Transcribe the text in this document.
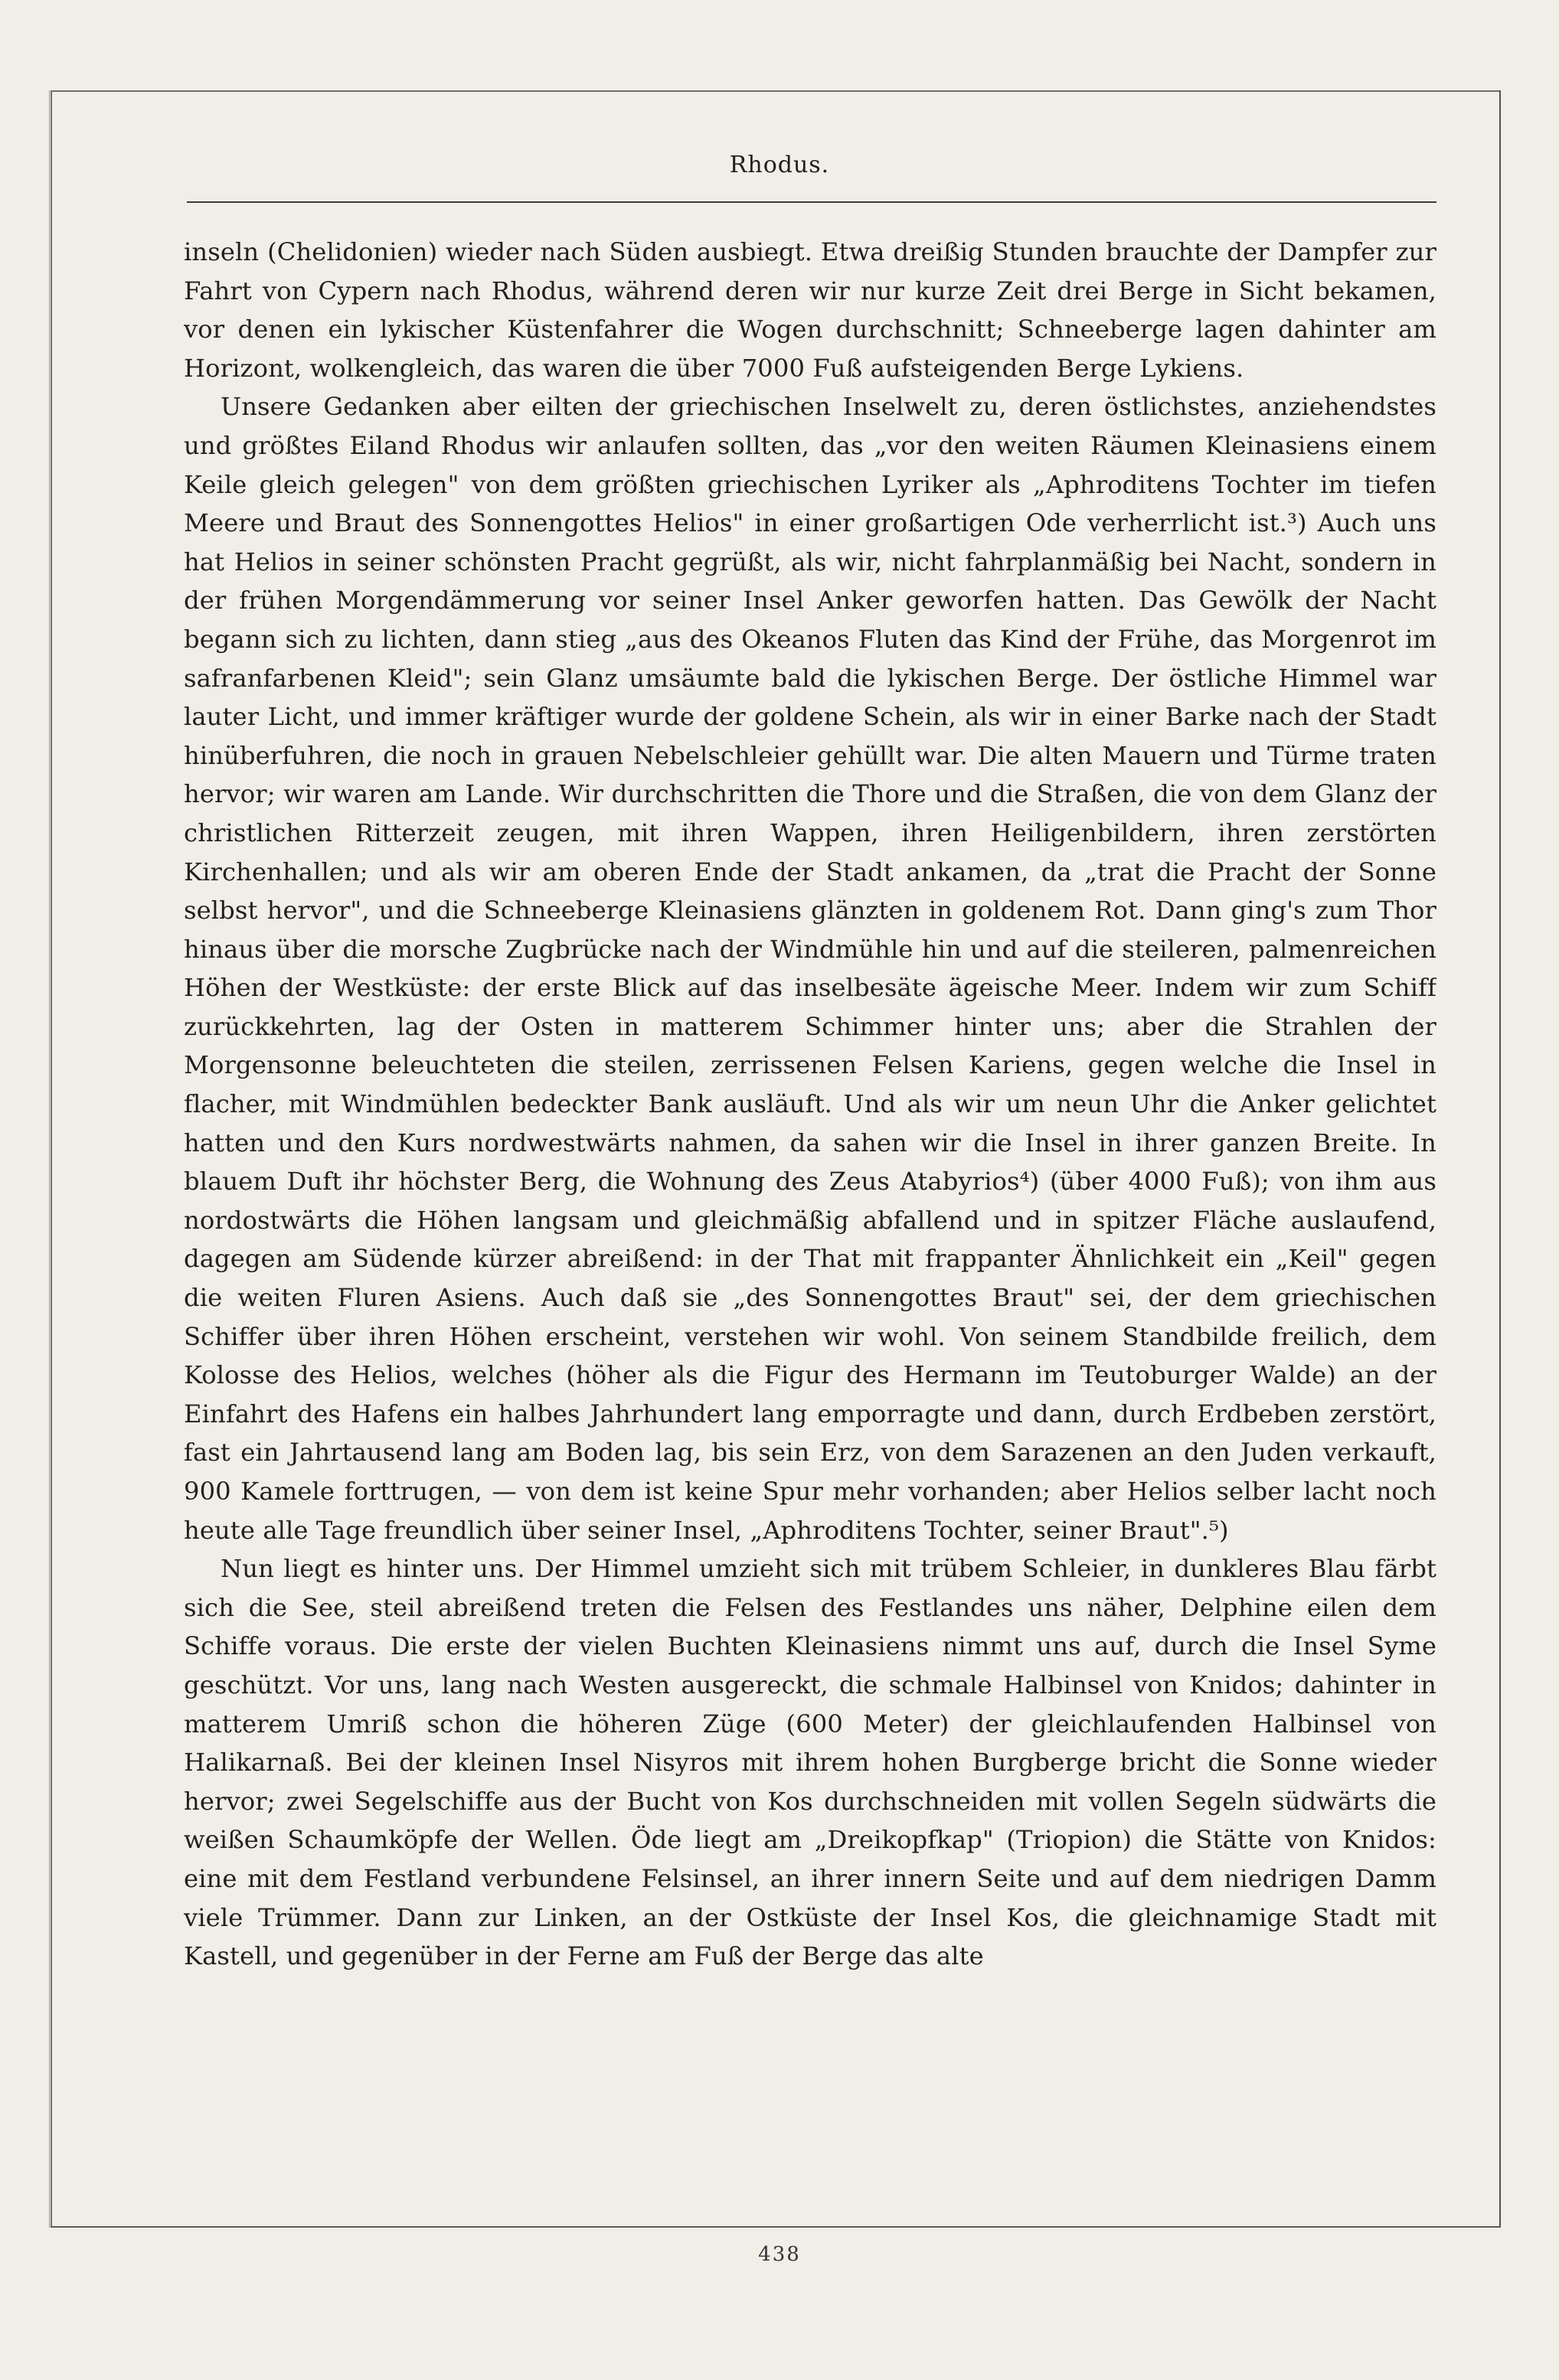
Rhodus.

inseln (Chelidonien) wieder nach Süden ausbiegt. Etwa dreißig Stunden brauchte der Dampfer zur Fahrt von Cypern nach Rhodus, während deren wir nur kurze Zeit drei Berge in Sicht bekamen, vor denen ein lykischer Küstenfahrer die Wogen durchschnitt; Schneeberge lagen dahinter am Horizont, wolkengleich, das waren die über 7000 Fuß aufsteigenden Berge Lykiens.

Unsere Gedanken aber eilten der griechischen Inselwelt zu, deren östlichstes, anziehendstes und größtes Eiland Rhodus wir anlaufen sollten, das „vor den weiten Räumen Kleinasiens einem Keile gleich gelegen" von dem größten griechischen Lyriker als „Aphroditens Tochter im tiefen Meere und Braut des Sonnengottes Helios" in einer großartigen Ode verherrlicht ist.³) Auch uns hat Helios in seiner schönsten Pracht gegrüßt, als wir, nicht fahrplanmäßig bei Nacht, sondern in der frühen Morgendämmerung vor seiner Insel Anker geworfen hatten. Das Gewölk der Nacht begann sich zu lichten, dann stieg „aus des Okeanos Fluten das Kind der Frühe, das Morgenrot im safranfarbenen Kleid"; sein Glanz umsäumte bald die lykischen Berge. Der östliche Himmel war lauter Licht, und immer kräftiger wurde der goldene Schein, als wir in einer Barke nach der Stadt hinüberfuhren, die noch in grauen Nebelschleier gehüllt war. Die alten Mauern und Türme traten hervor; wir waren am Lande. Wir durchschritten die Thore und die Straßen, die von dem Glanz der christlichen Ritterzeit zeugen, mit ihren Wappen, ihren Heiligenbildern, ihren zerstörten Kirchenhallen; und als wir am oberen Ende der Stadt ankamen, da „trat die Pracht der Sonne selbst hervor", und die Schneeberge Kleinasiens glänzten in goldenem Rot. Dann ging's zum Thor hinaus über die morsche Zugbrücke nach der Windmühle hin und auf die steileren, palmenreichen Höhen der Westküste: der erste Blick auf das inselbesäte ägeische Meer. Indem wir zum Schiff zurückkehrten, lag der Osten in matterem Schimmer hinter uns; aber die Strahlen der Morgensonne beleuchteten die steilen, zerrissenen Felsen Kariens, gegen welche die Insel in flacher, mit Windmühlen bedeckter Bank ausläuft. Und als wir um neun Uhr die Anker gelichtet hatten und den Kurs nordwestwärts nahmen, da sahen wir die Insel in ihrer ganzen Breite. In blauem Duft ihr höchster Berg, die Wohnung des Zeus Atabyrios⁴) (über 4000 Fuß); von ihm aus nordostwärts die Höhen langsam und gleichmäßig abfallend und in spitzer Fläche auslaufend, dagegen am Südende kürzer abreißend: in der That mit frappanter Ähnlichkeit ein „Keil" gegen die weiten Fluren Asiens. Auch daß sie „des Sonnengottes Braut" sei, der dem griechischen Schiffer über ihren Höhen erscheint, verstehen wir wohl. Von seinem Standbilde freilich, dem Kolosse des Helios, welches (höher als die Figur des Hermann im Teutoburger Walde) an der Einfahrt des Hafens ein halbes Jahrhundert lang emporragte und dann, durch Erdbeben zerstört, fast ein Jahrtausend lang am Boden lag, bis sein Erz, von dem Sarazenen an den Juden verkauft, 900 Kamele forttrugen, — von dem ist keine Spur mehr vorhanden; aber Helios selber lacht noch heute alle Tage freundlich über seiner Insel, „Aphroditens Tochter, seiner Braut".⁵)

Nun liegt es hinter uns. Der Himmel umzieht sich mit trübem Schleier, in dunkleres Blau färbt sich die See, steil abreißend treten die Felsen des Festlandes uns näher, Delphine eilen dem Schiffe voraus. Die erste der vielen Buchten Kleinasiens nimmt uns auf, durch die Insel Syme geschützt. Vor uns, lang nach Westen ausgereckt, die schmale Halbinsel von Knidos; dahinter in matterem Umriß schon die höheren Züge (600 Meter) der gleichlaufenden Halbinsel von Halikarnaß. Bei der kleinen Insel Nisyros mit ihrem hohen Burgberge bricht die Sonne wieder hervor; zwei Segelschiffe aus der Bucht von Kos durchschneiden mit vollen Segeln südwärts die weißen Schaumköpfe der Wellen. Öde liegt am „Dreikopfkap" (Triopion) die Stätte von Knidos: eine mit dem Festland verbundene Felsinsel, an ihrer innern Seite und auf dem niedrigen Damm viele Trümmer. Dann zur Linken, an der Ostküste der Insel Kos, die gleichnamige Stadt mit Kastell, und gegenüber in der Ferne am Fuß der Berge das alte

438
